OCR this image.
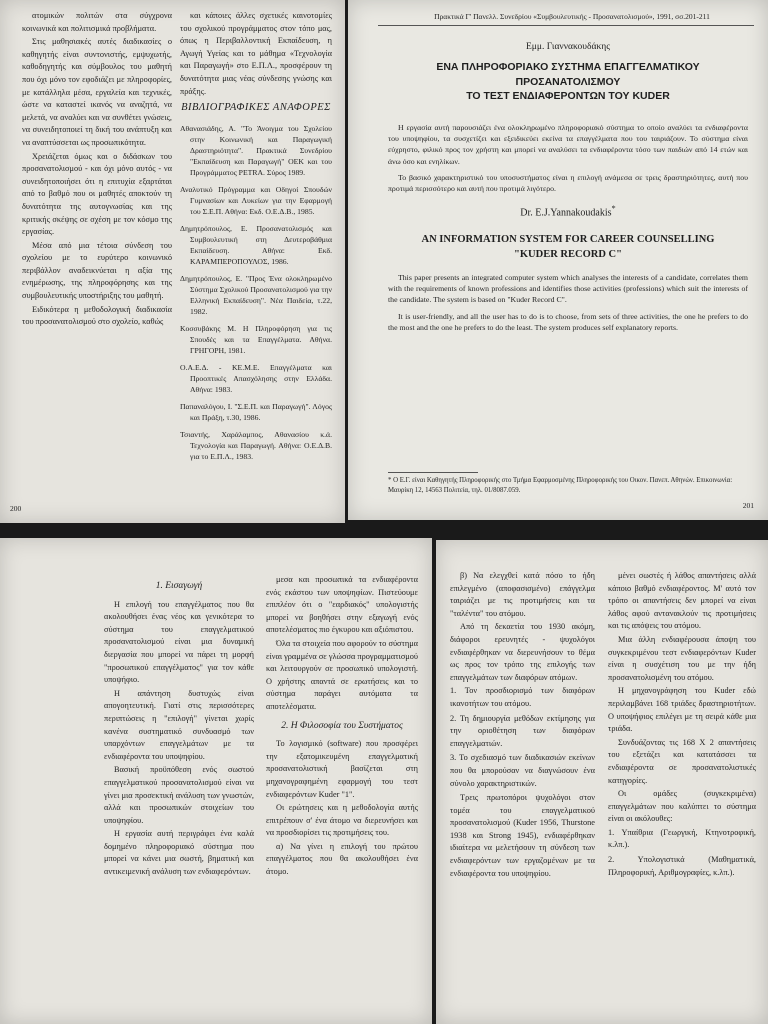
ατομικών πολιτών στα σύγχρονα κοινωνικά και πολιτισμικά προβλήματα.

Στις μαθησιακές αυτές διαδικασίες ο καθηγητής είναι συντονιστής, εμψυχωτής, καθοδηγητής και σύμβουλος του μαθητή που όχι μόνο τον εφοδιάζει με πληροφορίες, με κατάλληλα μέσα, εργαλεία και τεχνικές, ώστε να καταστεί ικανός να αναζητά, να μελετά, να αναλύει και να συνθέτει γνώσεις, να συνειδητοποιεί τη δική του ανάπτυξη και να αναπτύσσεται ως προσωπικότητα.

Χρειάζεται όμως και ο διδάσκων του προσανατολισμού - και όχι μόνο αυτός - να συνειδητοποιήσει ότι η επιτυχία εξαρτάται από το βαθμό που οι μαθητές αποκτούν τη δυνατότητα της αυτογνωσίας και της κριτικής σκέψης σε σχέση με τον κόσμο της εργασίας.

Μέσα από μια τέτοια σύνδεση του σχολείου με το ευρύτερο κοινωνικό περιβάλλον αναδεικνύεται η αξία της ενημέρωσης, της πληροφόρησης και της συμβουλευτικής υποστήριξης του μαθητή.

Ειδικότερα η μεθοδολογική διαδικασία του προσανατολισμού στο σχολείο, καθώς

και κάποιες άλλες σχετικές καινοτομίες του σχολικού προγράμματος στον τόπο μας, όπως η Περιβαλλοντική Εκπαίδευση, η Αγωγή Υγείας και το μάθημα «Τεχνολογία και Παραγωγή» στο Ε.Π.Λ., προσφέρουν τη δυνατότητα μιας νέας σύνδεσης γνώσης και πράξης.

ΒΙΒΛΙΟΓΡΑΦΙΚΕΣ ΑΝΑΦΟΡΕΣ

Αθανασιάδης, Α. "Το Άνοιγμα του Σχολείου στην Κοινωνική και Παραγωγική Δραστηριότητα". Πρακτικά Συνεδρίου "Εκπαίδευση και Παραγωγή" ΟΕΚ και του Προγράμματος PETRA. Σύρος 1989.

Αναλυτικό Πρόγραμμα και Οδηγοί Σπουδών Γυμνασίων και Λυκείων για την Εφαρμογή του Σ.Ε.Π. Αθήνα: Εκδ. Ο.Ε.Δ.Β., 1985.

Δημητρόπουλος, Ε. Προσανατολισμός και Συμβουλευτική στη Δευτεροβάθμια Εκπαίδευση. Αθήνα: Εκδ. ΚΑΡΑΜΠΕΡΟΠΟΥΛΟΣ, 1986.

Δημητρόπουλος, Ε. "Προς Ένα ολοκληρωμένο Σύστημα Σχολικού Προσανατολισμού για την Ελληνική Εκπαίδευση". Νέα Παιδεία, τ.22, 1982.

Κοσσυβάκης Μ. Η Πληροφόρηση για τις Σπουδές και τα Επαγγέλματα. Αθήνα. ΓΡΗΓΟΡΗ, 1981.

Ο.Α.Ε.Δ. - ΚΕ.Μ.Ε. Επαγγέλματα και Προοπτικές Απασχόλησης στην Ελλάδα. Αθήνα: 1983.

Παπαναλόγου, Ι. "Σ.Ε.Π. και Παραγωγή". Λόγος και Πράξη, τ.30, 1986.

Τσιαντής, Χαράλαμπος, Αθανασίου κ.ά. Τεχνολογία και Παραγωγή. Αθήνα: Ο.Ε.Δ.Β. για το Ε.Π.Λ., 1983.

200
Πρακτικά Γ' Πανελλ. Συνεδρίου «Συμβουλευτικής - Προσανατολισμού», 1991, σσ.201-211
Εμμ. Γιαννακουδάκης
ΕΝΑ ΠΛΗΡΟΦΟΡΙΑΚΟ ΣΥΣΤΗΜΑ ΕΠΑΓΓΕΛΜΑΤΙΚΟΥ
ΠΡΟΣΑΝΑΤΟΛΙΣΜΟΥ
ΤΟ ΤΕΣΤ ΕΝΔΙΑΦΕΡΟΝΤΩΝ ΤΟΥ KUDER

Η εργασία αυτή παρουσιάζει ένα ολοκληρωμένο πληροφοριακό σύστημα το οποίο αναλύει τα ενδιαφέροντα του υποψηφίου, τα συσχετίζει και εξειδικεύει εκείνα τα επαγγέλματα που του ταιριάζουν. Το σύστημα είναι εύχρηστο, φιλικό προς τον χρήστη και μπορεί να αναλύσει τα ενδιαφέροντα τόσο των παιδιών από 14 ετών και άνω όσο και ενηλίκων.

Το βασικό χαρακτηριστικό του υποσυστήματος είναι η επιλογή ανάμεσα σε τρεις δραστηριότητες, αυτή που προτιμά περισσότερο και αυτή που προτιμά λιγότερο.

Dr. E.J.Yannakoudakis*
AN INFORMATION SYSTEM FOR CAREER COUNSELLING
"KUDER RECORD C"

This paper presents an integrated computer system which analyses the interests of a candidate, correlates them with the requirements of known professions and identifies those activities (professions) which suit the interests of the candidate. The system is based on "Kuder Record C".

It is user-friendly, and all the user has to do is to choose, from sets of three activities, the one he prefers to do the most and the one he prefers to do the least. The system produces self explanatory reports.

* Ο Ε.Γ. είναι Καθηγητής Πληροφορικής στο Τμήμα Εφαρμοσμένης Πληροφορικής του Οικον. Πανεπ. Αθηνών. Επικοινωνία: Μαυρίκη 12, 14563 Πολιτεία, τηλ. 01/8087.059.
201
1. Εισαγωγή

Η επιλογή του επαγγέλματος που θα ακολουθήσει ένας νέος και γενικότερα το σύστημα του επαγγελματικού προσανατολισμού είναι μια δυναμική διεργασία που μπορεί να πάρει τη μορφή "προσωπικού επαγγέλματος" για τον κάθε υποψήφιο.

Η απάντηση δυστυχώς είναι απογοητευτική. Γιατί στις περισσότερες περιπτώσεις η "επιλογή" γίνεται χωρίς κανένα συστηματικό συνδυασμό των υπαρχόντων επαγγελμάτων με τα ενδιαφέροντα του υποψηφίου.

Βασική προϋπόθεση ενός σωστού επαγγελματικού προσανατολισμού είναι να γίνει μια προσεκτική ανάλυση των γνωστών, αλλά και προσωπικών στοιχείων του υποψηφίου.

Η εργασία αυτή περιγράφει ένα καλά δομημένο πληροφοριακό σύστημα που μπορεί να κάνει μια σωστή, βηματική και αντικειμενική ανάλυση των ενδιαφερόντων.

μεσα και προσωπικά τα ενδιαφέροντα ενός εκάστου των υποψηφίων. Πιστεύουμε επιπλέον ότι ο "εαρδιακός" υπολογιστής μπορεί να βοηθήσει στην εξαγωγή ενός αποτελέσματος πιο έγκυρου και αξιόπιστου.

Όλα τα στοιχεία που αφορούν το σύστημα είναι γραμμένα σε γλώσσα προγραμματισμού και λειτουργούν σε προσωπικό υπολογιστή. Ο χρήστης απαντά σε ερωτήσεις και το σύστημα παράγει αυτόματα τα αποτελέσματα.

2. Η Φιλοσοφία του Συστήματος

Το λογισμικό (software) που προσφέρει την εξατομικευμένη επαγγελματική προσανατολιστική βασίζεται στη μηχανογραφημένη εφαρμογή του τεστ ενδιαφερόντων Kuder "1".

Οι ερώτησεις και η μεθοδολογία αυτής επιτρέπουν σ' ένα άτομο να διερευνήσει και να προσδιορίσει τις προτιμήσεις του.

α) Να γίνει η επιλογή του πρώτου επαγγέλματος που θα ακολουθήσει ένα άτομο.

β) Να ελεγχθεί κατά πόσο το ήδη επιλεγμένο (αποφασισμένο) επάγγελμα ταιριάζει με τις προτιμήσεις και τα "ταλέντα" του ατόμου.

Από τη δεκαετία του 1930 ακόμη, διάφοροι ερευνητές - ψυχολόγοι ενδιαφέρθηκαν να διερευνήσουν το θέμα ως προς τον τρόπο της επιλογής των επαγγελμάτων των διαφόρων ατόμων.

1. Τον προσδιορισμό των διαφόρων ικανοτήτων του ατόμου.
2. Τη δημιουργία μεθόδων εκτίμησης για την οριοθέτηση των διαφόρων επαγγελματιών.
3. Το σχεδιασμό των διαδικασιών εκείνων που θα μπορούσαν να διαγνώσουν ένα σύνολο χαρακτηριστικών.

Τρεις πρωτοπόροι ψυχολόγοι στον τομέα του επαγγελματικού προσανατολισμού (Kuder 1956, Thurstone 1938 και Strong 1945), ενδιαφέρθηκαν ιδιαίτερα να μελετήσουν τη σύνδεση των ενδιαφερόντων των εργαζομένων με τα ενδιαφέροντα του υποψηφίου.

μένει σωστές ή λάθος απαντήσεις αλλά κάποιο βαθμό ενδιαφέροντος. Μ' αυτό τον τρόπο οι απαντήσεις δεν μπορεί να είναι λάθος αφού αντανακλούν τις προτιμήσεις και τις απόψεις του ατόμου.

Μια άλλη ενδιαφέρουσα άποψη του συγκεκριμένου τεστ ενδιαφερόντων Kuder είναι η συσχέτιση του με την ήδη προσανατολισμένη του ατόμου.

Η μηχανογράφηση του Kuder εδώ περιλαμβάνει 168 τριάδες δραστηριοτήτων. Ο υποψήφιος επιλέγει με τη σειρά κάθε μια τριάδα.

Συνδυάζοντας τις 168 Χ 2 απαντήσεις του εξετάζει και κατατάσσει τα ενδιαφέροντα σε προσανατολιστικές κατηγορίες.

Οι ομάδες (συγκεκριμένα) επαγγελμάτων που καλύπτει το σύστημα είναι οι ακόλουθες:

1. Υπαίθρια (Γεωργική, Κτηνοτροφική, κ.λπ.).
2. Υπολογιστικά (Μαθηματικά, Πληροφορική, Αριθμογραφίες, κ.λπ.).
